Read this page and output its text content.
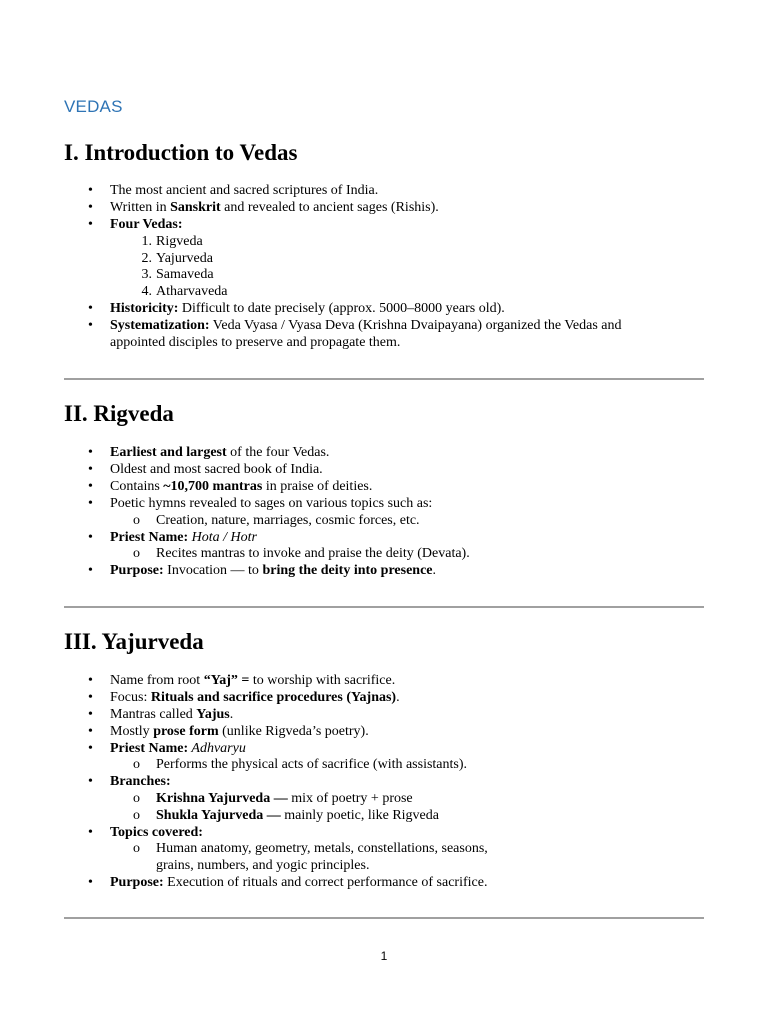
VEDAS
I. Introduction to Vedas
•	The most ancient and sacred scriptures of India.
•	Written in Sanskrit and revealed to ancient sages (Rishis).
•	Four Vedas:
1. Rigveda
2. Yajurveda
3. Samaveda
4. Atharvaveda
•	Historicity: Difficult to date precisely (approx. 5000–8000 years old).
•	Systematization: Veda Vyasa / Vyasa Deva (Krishna Dvaipayana) organized the Vedas and
appointed disciples to preserve and propagate them.
II. Rigveda
•	Earliest and largest of the four Vedas.
•	Oldest and most sacred book of India.
•	Contains ~10,700 mantras in praise of deities.
•	Poetic hymns revealed to sages on various topics such as:
o	Creation, nature, marriages, cosmic forces, etc.
•	Priest Name: Hota / Hotr
o	Recites mantras to invoke and praise the deity (Devata).
•	Purpose: Invocation — to bring the deity into presence.
III. Yajurveda
•	Name from root “Yaj” = to worship with sacrifice.
•	Focus: Rituals and sacrifice procedures (Yajnas).
•	Mantras called Yajus.
•	Mostly prose form (unlike Rigveda’s poetry).
•	Priest Name: Adhvaryu
o	Performs the physical acts of sacrifice (with assistants).
•	Branches:
o	Krishna Yajurveda — mix of poetry + prose
o	Shukla Yajurveda — mainly poetic, like Rigveda
•	Topics covered:
o	Human anatomy, geometry, metals, constellations, seasons,
grains, numbers, and yogic principles.
•	Purpose: Execution of rituals and correct performance of sacrifice.
1
